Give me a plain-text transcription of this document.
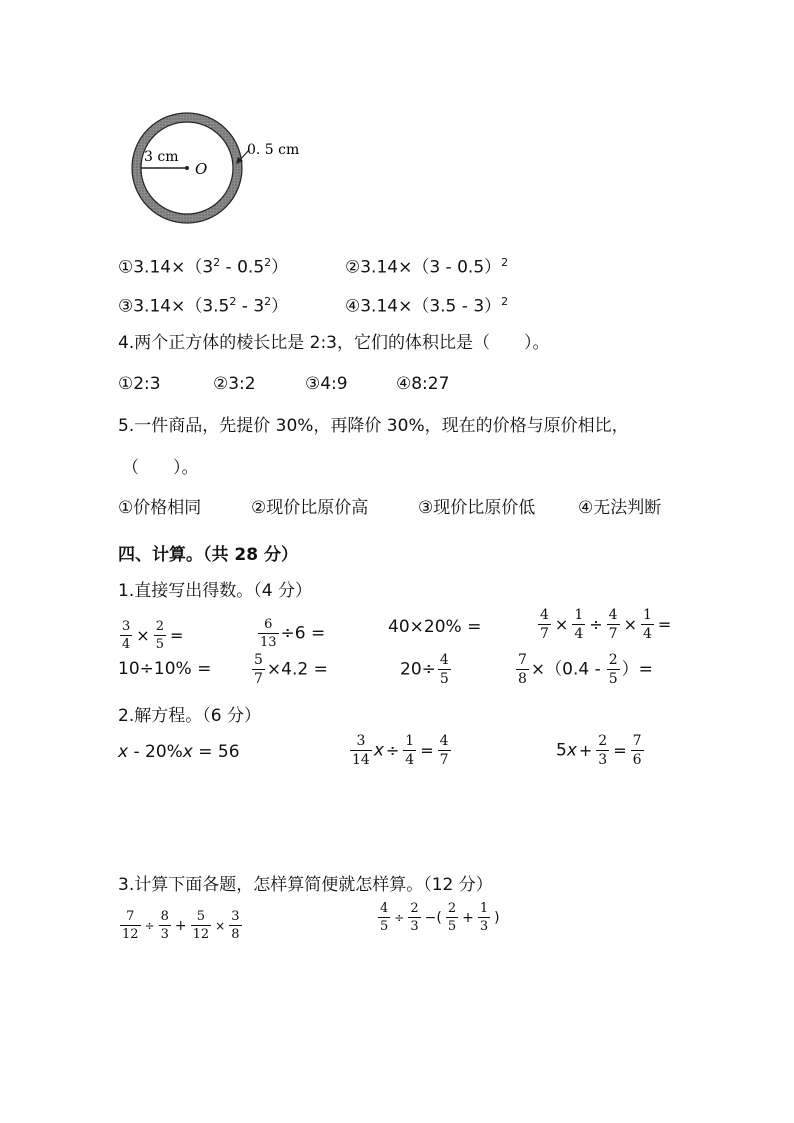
3 cm
O
0. 5 cm
$①3.14\times(3^2 - 0.5^2)$	②3.14×（3 - 0.5）$^2$
$③3.14\times(3.5^2 - 3^2)$	④3.14×（3.5 - 3）$^2$
4.两个正方体的棱长比是 2:3，它们的体积比是（　　）。
①2:3	②3:2	③4:9	④8:27
5.一件商品，先提价 30%，再降价 30%，现在的价格与原价相比，
（　　）。
①价格相同	②现价比原价高	③现价比原价低	④无法判断
四、计算。（共 28 分）
1.直接写出得数。（4 分）
$\frac{3}{4} \times \frac{2}{5}$ =	$\frac{6}{13} \div 6$ =	40×20% =	$\frac{4}{7} \times \frac{1}{4} \div \frac{4}{7} \times \frac{1}{4}$ =
10÷10% =	$\frac{5}{7} \times 4.2$ =	$20\div \frac{4}{5}$	$\frac{7}{8} \times(0.4 - \frac{2}{5}$ ）=
2.解方程。（6 分）
x - 20%x = 56	$\frac{3}{14}$ $x \div \frac{1}{4} = \frac{4}{7}$	$5x + \frac{2}{3} = \frac{7}{6}$
3.计算下面各题，怎样算简便就怎样算。（12 分）
$\frac{7}{12} \div \frac{8}{3} + \frac{5}{12} \times \frac{3}{8}$	$\frac{4}{5} \div \frac{2}{3}$ −( $\frac{2}{5} + \frac{1}{3}$ )
